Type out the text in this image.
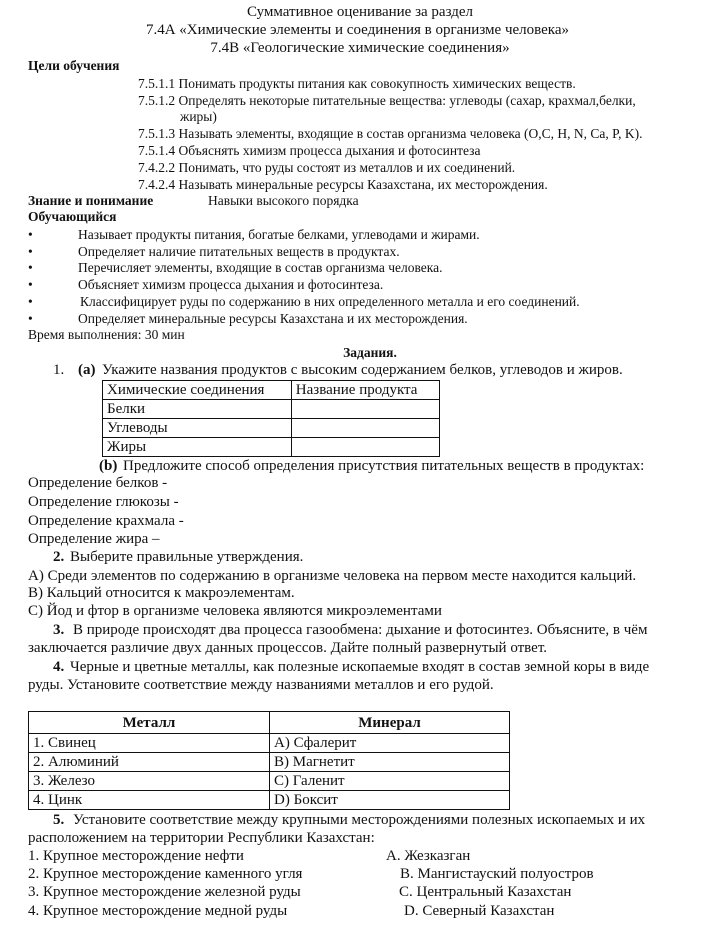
Суммативное оценивание за раздел
7.4А «Химические элементы и соединения в организме человека»
7.4В «Геологические химические соединения»
Цели обучения
7.5.1.1 Понимать продукты питания как совокупность химических веществ.
7.5.1.2 Определять некоторые питательные вещества: углеводы (сахар, крахмал,белки,
жиры)
7.5.1.3 Называть элементы, входящие в состав организма человека (O,C, H, N, Ca, P, K).
7.5.1.4 Объяснять химизм процесса дыхания и фотосинтеза
7.4.2.2 Понимать, что руды состоят из металлов и их соединений.
7.4.2.4 Называть минеральные ресурсы Казахстана, их месторождения.
Знание и понимание	Навыки высокого порядка
Обучающийся
•	Называет продукты питания, богатые белками, углеводами и жирами.
•	Определяет наличие питательных веществ в продуктах.
•	Перечисляет элементы, входящие в состав организма человека.
•	Объясняет химизм процесса дыхания и фотосинтеза.
•	Классифицирует руды по содержанию в них определенного металла и его соединений.
•	Определяет минеральные ресурсы Казахстана и их месторождения.
Время выполнения: 30 мин
Задания.
1. (a) Укажите названия продуктов с высоким содержанием белков, углеводов и жиров.
Химические соединения	Название продукта
Белки	
Углеводы	
Жиры	
(b) Предложите способ определения присутствия питательных веществ в продуктах:
Определение белков -
Определение глюкозы -
Определение крахмала -
Определение жира –
2. Выберите правильные утверждения.
А) Среди элементов по содержанию в организме человека на первом месте находится кальций.
В) Кальций относится к макроэлементам.
С) Йод и фтор в организме человека являются микроэлементами
3. В природе происходят два процесса газообмена: дыхание и фотосинтез. Объясните, в чём
заключается различие двух данных процессов. Дайте полный развернутый ответ.
4. Черные и цветные металлы, как полезные ископаемые входят в состав земной коры в виде
руды. Установите соответствие между названиями металлов и его рудой.
Металл	Минерал
1. Свинец	А) Сфалерит
2. Алюминий	В) Магнетит
3. Железо	С) Галенит
4. Цинк	D) Боксит
5. Установите соответствие между крупными месторождениями полезных ископаемых и их
расположением на территории Республики Казахстан:
1. Крупное месторождение нефти	А. Жезказган
2. Крупное месторождение каменного угля	В. Мангистауский полуостров
3. Крупное месторождение железной руды	С. Центральный Казахстан
4. Крупное месторождение медной руды	D. Северный Казахстан
